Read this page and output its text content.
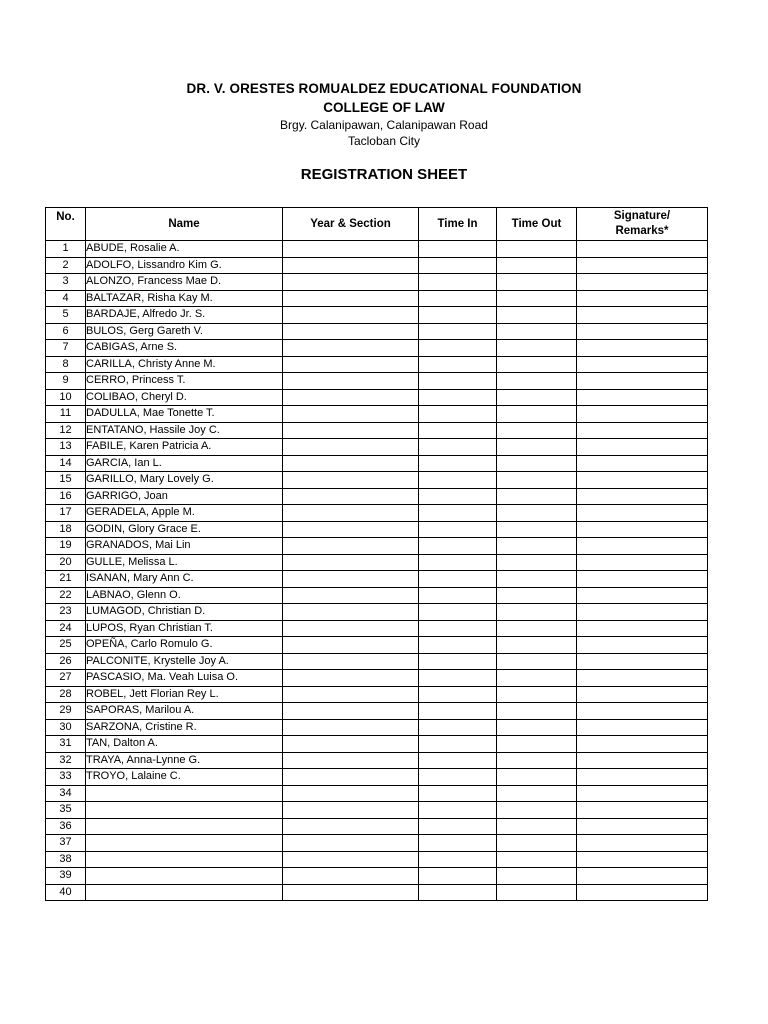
DR. V. ORESTES ROMUALDEZ EDUCATIONAL FOUNDATION
COLLEGE OF LAW
Brgy. Calanipawan, Calanipawan Road
Tacloban City
REGISTRATION SHEET
No.	Name	Year & Section	Time In	Time Out	Signature/
Remarks*

1	ABUDE, Rosalie A.				
2	ADOLFO, Lissandro Kim G.				
3	ALONZO, Francess Mae D.				
4	BALTAZAR, Risha Kay M.				
5	BARDAJE, Alfredo Jr. S.				
6	BULOS, Gerg Gareth V.				
7	CABIGAS, Arne S.				
8	CARILLA, Christy Anne M.				
9	CERRO, Princess T.				
10	COLIBAO, Cheryl D.				
11	DADULLA, Mae Tonette T.				
12	ENTATANO, Hassile Joy C.				
13	FABILE, Karen Patricia A.				
14	GARCIA, Ian L.				
15	GARILLO, Mary Lovely G.				
16	GARRIGO, Joan				
17	GERADELA, Apple M.				
18	GODIN, Glory Grace E.				
19	GRANADOS, Mai Lin				
20	GULLE, Melissa L.				
21	ISANAN, Mary Ann C.				
22	LABNAO, Glenn O.				
23	LUMAGOD, Christian D.				
24	LUPOS, Ryan Christian T.				
25	OPEÑA, Carlo Romulo G.				
26	PALCONITE, Krystelle Joy A.				
27	PASCASIO, Ma. Veah Luisa O.				
28	ROBEL, Jett Florian Rey L.				
29	SAPORAS, Marilou A.				
30	SARZONA, Cristine R.				
31	TAN, Dalton A.				
32	TRAYA, Anna-Lynne G.				
33	TROYO, Lalaine C.				
34					
35					
36					
37					
38					
39					
40					
